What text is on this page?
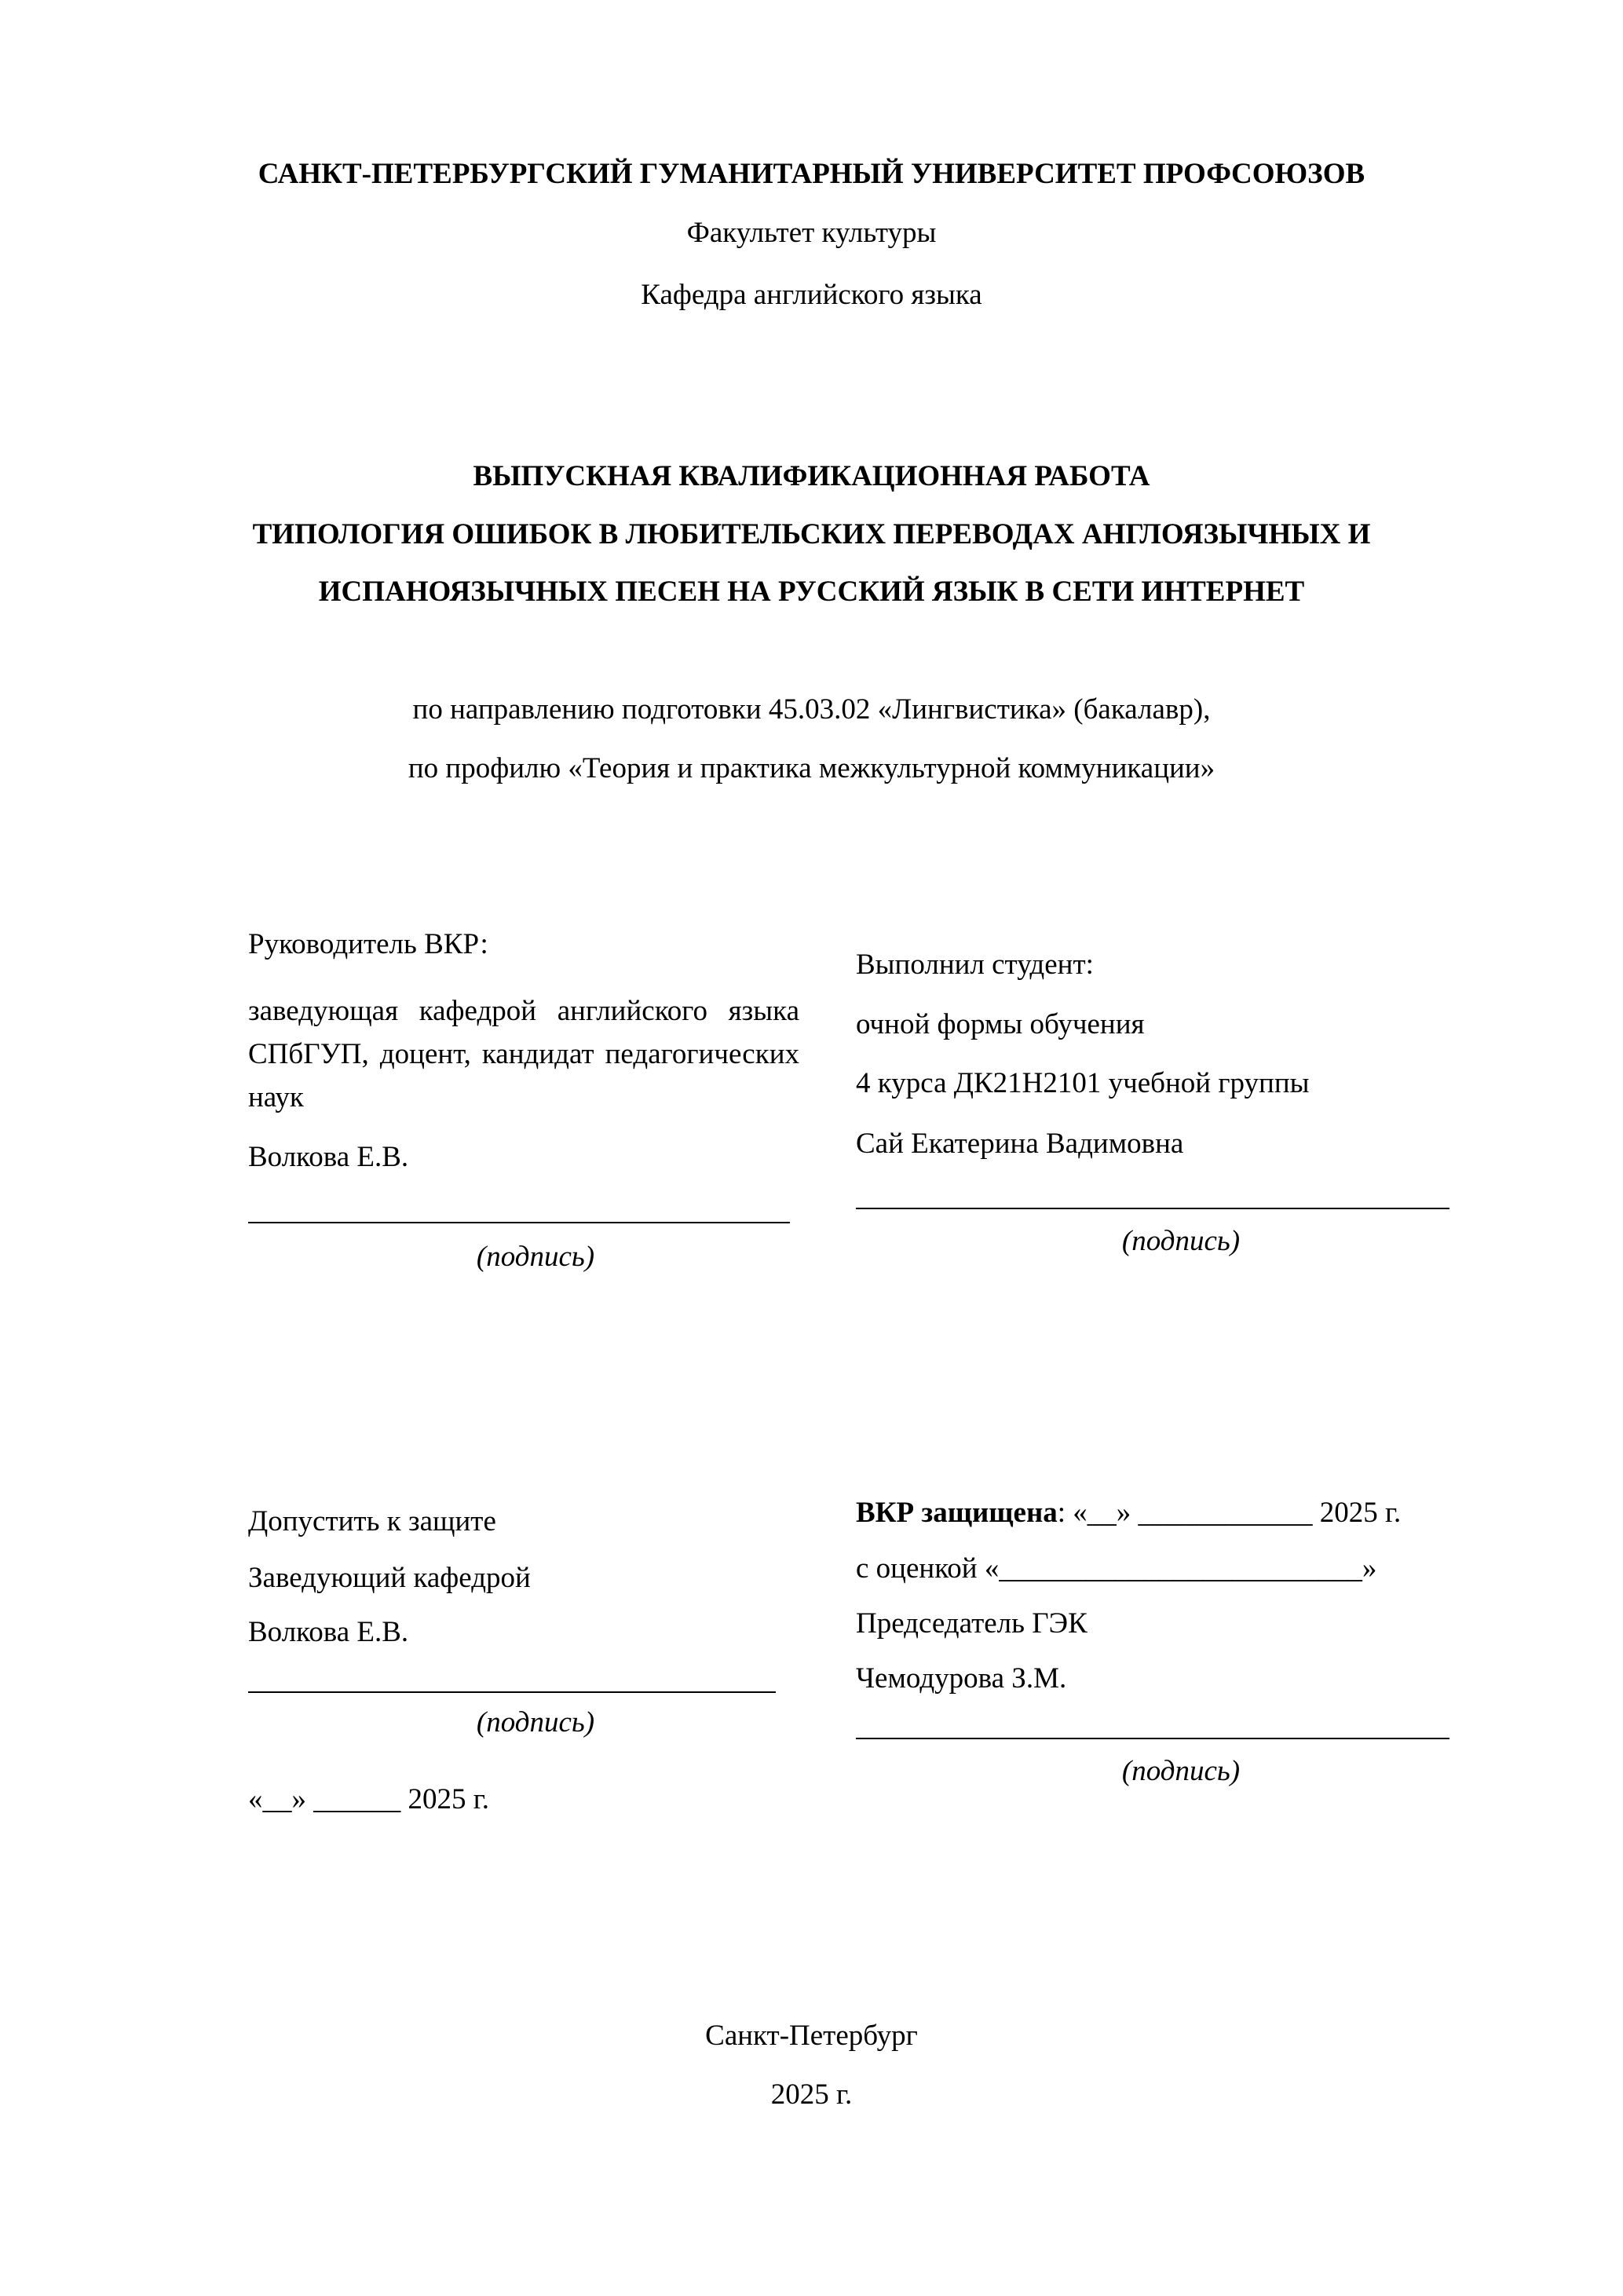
САНКТ-ПЕТЕРБУРГСКИЙ ГУМАНИТАРНЫЙ УНИВЕРСИТЕТ ПРОФСОЮЗОВ
Факультет культуры
Кафедра английского языка
ВЫПУСКНАЯ КВАЛИФИКАЦИОННАЯ РАБОТА
ТИПОЛОГИЯ ОШИБОК В ЛЮБИТЕЛЬСКИХ ПЕРЕВОДАХ АНГЛОЯЗЫЧНЫХ И
ИСПАНОЯЗЫЧНЫХ ПЕСЕН НА РУССКИЙ ЯЗЫК В СЕТИ ИНТЕРНЕТ
по направлению подготовки 45.03.02 «Лингвистика» (бакалавр),
по профилю «Теория и практика межкультурной коммуникации»
Руководитель ВКР:
заведующая кафедрой английского языка СПбГУП, доцент, кандидат педагогических наук
Волкова Е.В.
(подпись)
Выполнил студент:
очной формы обучения
4 курса ДК21Н2101 учебной группы
Сай Екатерина Вадимовна
(подпись)
Допустить к защите
Заведующий кафедрой
Волкова Е.В.
(подпись)
«__» ______ 2025 г.
ВКР защищена: «__» ____________ 2025 г.
с оценкой «_________________________»
Председатель ГЭК
Чемодурова З.М.
(подпись)
Санкт-Петербург
2025 г.
